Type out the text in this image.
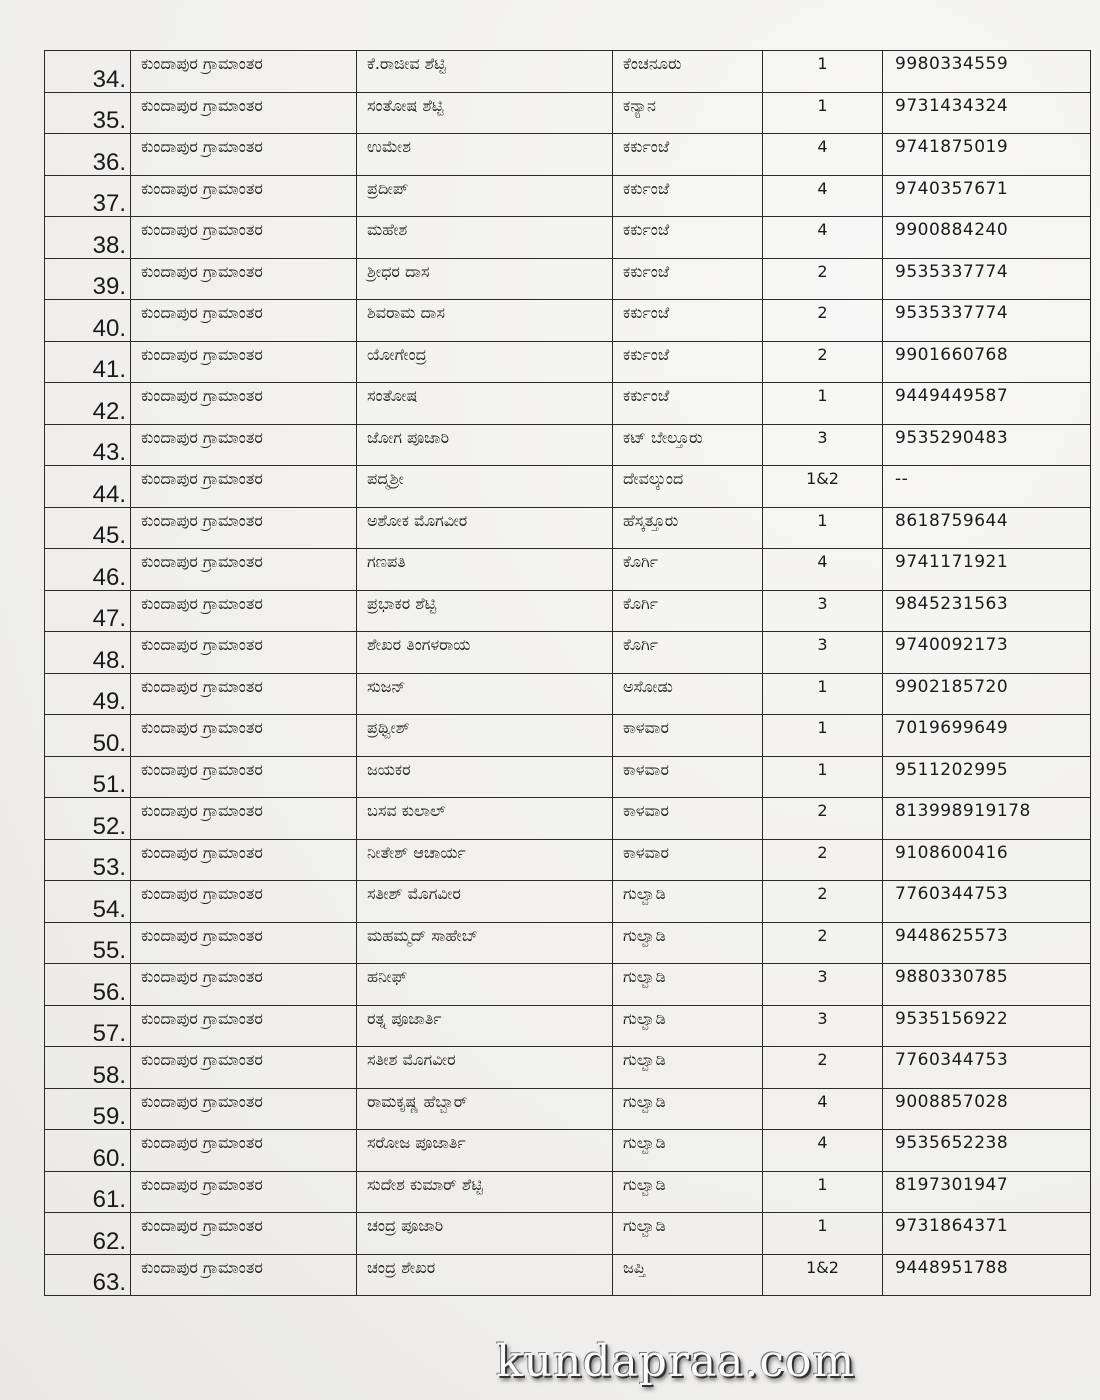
34.	ಕುಂದಾಪುರ ಗ್ರಾಮಾಂತರ	ಕೆ.ರಾಜೀವ ಶೆಟ್ಟಿ	ಕೆಂಚನೂರು	1	9980334559

35.	ಕುಂದಾಪುರ ಗ್ರಾಮಾಂತರ	ಸಂತೋಷ ಶೆಟ್ಟಿ	ಕನ್ಯಾನ	1	9731434324

36.	ಕುಂದಾಪುರ ಗ್ರಾಮಾಂತರ	ಉಮೇಶ	ಕರ್ಕುಂಜೆ	4	9741875019

37.	ಕುಂದಾಪುರ ಗ್ರಾಮಾಂತರ	ಪ್ರದೀಪ್	ಕರ್ಕುಂಜೆ	4	9740357671

38.	ಕುಂದಾಪುರ ಗ್ರಾಮಾಂತರ	ಮಹೇಶ	ಕರ್ಕುಂಜೆ	4	9900884240

39.	ಕುಂದಾಪುರ ಗ್ರಾಮಾಂತರ	ಶ್ರೀಧರ ದಾಸ	ಕರ್ಕುಂಜೆ	2	9535337774

40.	ಕುಂದಾಪುರ ಗ್ರಾಮಾಂತರ	ಶಿವರಾಮ ದಾಸ	ಕರ್ಕುಂಜೆ	2	9535337774

41.	ಕುಂದಾಪುರ ಗ್ರಾಮಾಂತರ	ಯೋಗೇಂದ್ರ	ಕರ್ಕುಂಜೆ	2	9901660768

42.	ಕುಂದಾಪುರ ಗ್ರಾಮಾಂತರ	ಸಂತೋಷ	ಕರ್ಕುಂಜೆ	1	9449449587

43.	ಕುಂದಾಪುರ ಗ್ರಾಮಾಂತರ	ಜೋಗ ಪೂಜಾರಿ	ಕಟ್ ಬೇಲ್ತೂರು	3	9535290483

44.	ಕುಂದಾಪುರ ಗ್ರಾಮಾಂತರ	ಪದ್ಮಶ್ರೀ	ದೇವಲ್ಕುಂದ	1&2	--

45.	ಕುಂದಾಪುರ ಗ್ರಾಮಾಂತರ	ಅಶೋಕ ಮೊಗವೀರ	ಹೆಸ್ಕತ್ತೂರು	1	8618759644

46.	ಕುಂದಾಪುರ ಗ್ರಾಮಾಂತರ	ಗಣಪತಿ	ಕೊರ್ಗಿ	4	9741171921

47.	ಕುಂದಾಪುರ ಗ್ರಾಮಾಂತರ	ಪ್ರಭಾಕರ ಶೆಟ್ಟಿ	ಕೊರ್ಗಿ	3	9845231563

48.	ಕುಂದಾಪುರ ಗ್ರಾಮಾಂತರ	ಶೇಖರ ತಿಂಗಳರಾಯ	ಕೊರ್ಗಿ	3	9740092173

49.	ಕುಂದಾಪುರ ಗ್ರಾಮಾಂತರ	ಸುಜನ್	ಅಸೋಡು	1	9902185720

50.	ಕುಂದಾಪುರ ಗ್ರಾಮಾಂತರ	ಪ್ರಥ್ವೀಶ್	ಕಾಳವಾರ	1	7019699649

51.	ಕುಂದಾಪುರ ಗ್ರಾಮಾಂತರ	ಜಯಕರ	ಕಾಳವಾರ	1	9511202995

52.	ಕುಂದಾಪುರ ಗ್ರಾಮಾಂತರ	ಬಸವ ಕುಲಾಲ್	ಕಾಳವಾರ	2	813998919178

53.	ಕುಂದಾಪುರ ಗ್ರಾಮಾಂತರ	ನೀತೇಶ್ ಆಚಾರ್ಯ	ಕಾಳವಾರ	2	9108600416

54.	ಕುಂದಾಪುರ ಗ್ರಾಮಾಂತರ	ಸತೀಶ್ ಮೊಗವೀರ	ಗುಲ್ವಾಡಿ	2	7760344753

55.	ಕುಂದಾಪುರ ಗ್ರಾಮಾಂತರ	ಮಹಮ್ಮದ್ ಸಾಹೇಬ್	ಗುಲ್ವಾಡಿ	2	9448625573

56.	ಕುಂದಾಪುರ ಗ್ರಾಮಾಂತರ	ಹನೀಫ್	ಗುಲ್ವಾಡಿ	3	9880330785

57.	ಕುಂದಾಪುರ ಗ್ರಾಮಾಂತರ	ರತ್ನ ಪೂಜಾರ್ತಿ	ಗುಲ್ವಾಡಿ	3	9535156922

58.	ಕುಂದಾಪುರ ಗ್ರಾಮಾಂತರ	ಸತೀಶ ಮೊಗವೀರ	ಗುಲ್ವಾಡಿ	2	7760344753

59.	ಕುಂದಾಪುರ ಗ್ರಾಮಾಂತರ	ರಾಮಕೃಷ್ಣ ಹೆಬ್ಬಾರ್	ಗುಲ್ವಾಡಿ	4	9008857028

60.	ಕುಂದಾಪುರ ಗ್ರಾಮಾಂತರ	ಸರೋಜ ಪೂಜಾರ್ತಿ	ಗುಲ್ವಾಡಿ	4	9535652238

61.	ಕುಂದಾಪುರ ಗ್ರಾಮಾಂತರ	ಸುದೇಶ ಕುಮಾರ್ ಶೆಟ್ಟಿ	ಗುಲ್ವಾಡಿ	1	8197301947

62.	ಕುಂದಾಪುರ ಗ್ರಾಮಾಂತರ	ಚಂದ್ರ ಪೂಜಾರಿ	ಗುಲ್ವಾಡಿ	1	9731864371

63.	ಕುಂದಾಪುರ ಗ್ರಾಮಾಂತರ	ಚಂದ್ರ ಶೇಖರ	ಜಪ್ತಿ	1&2	9448951788
kundapraa.com
